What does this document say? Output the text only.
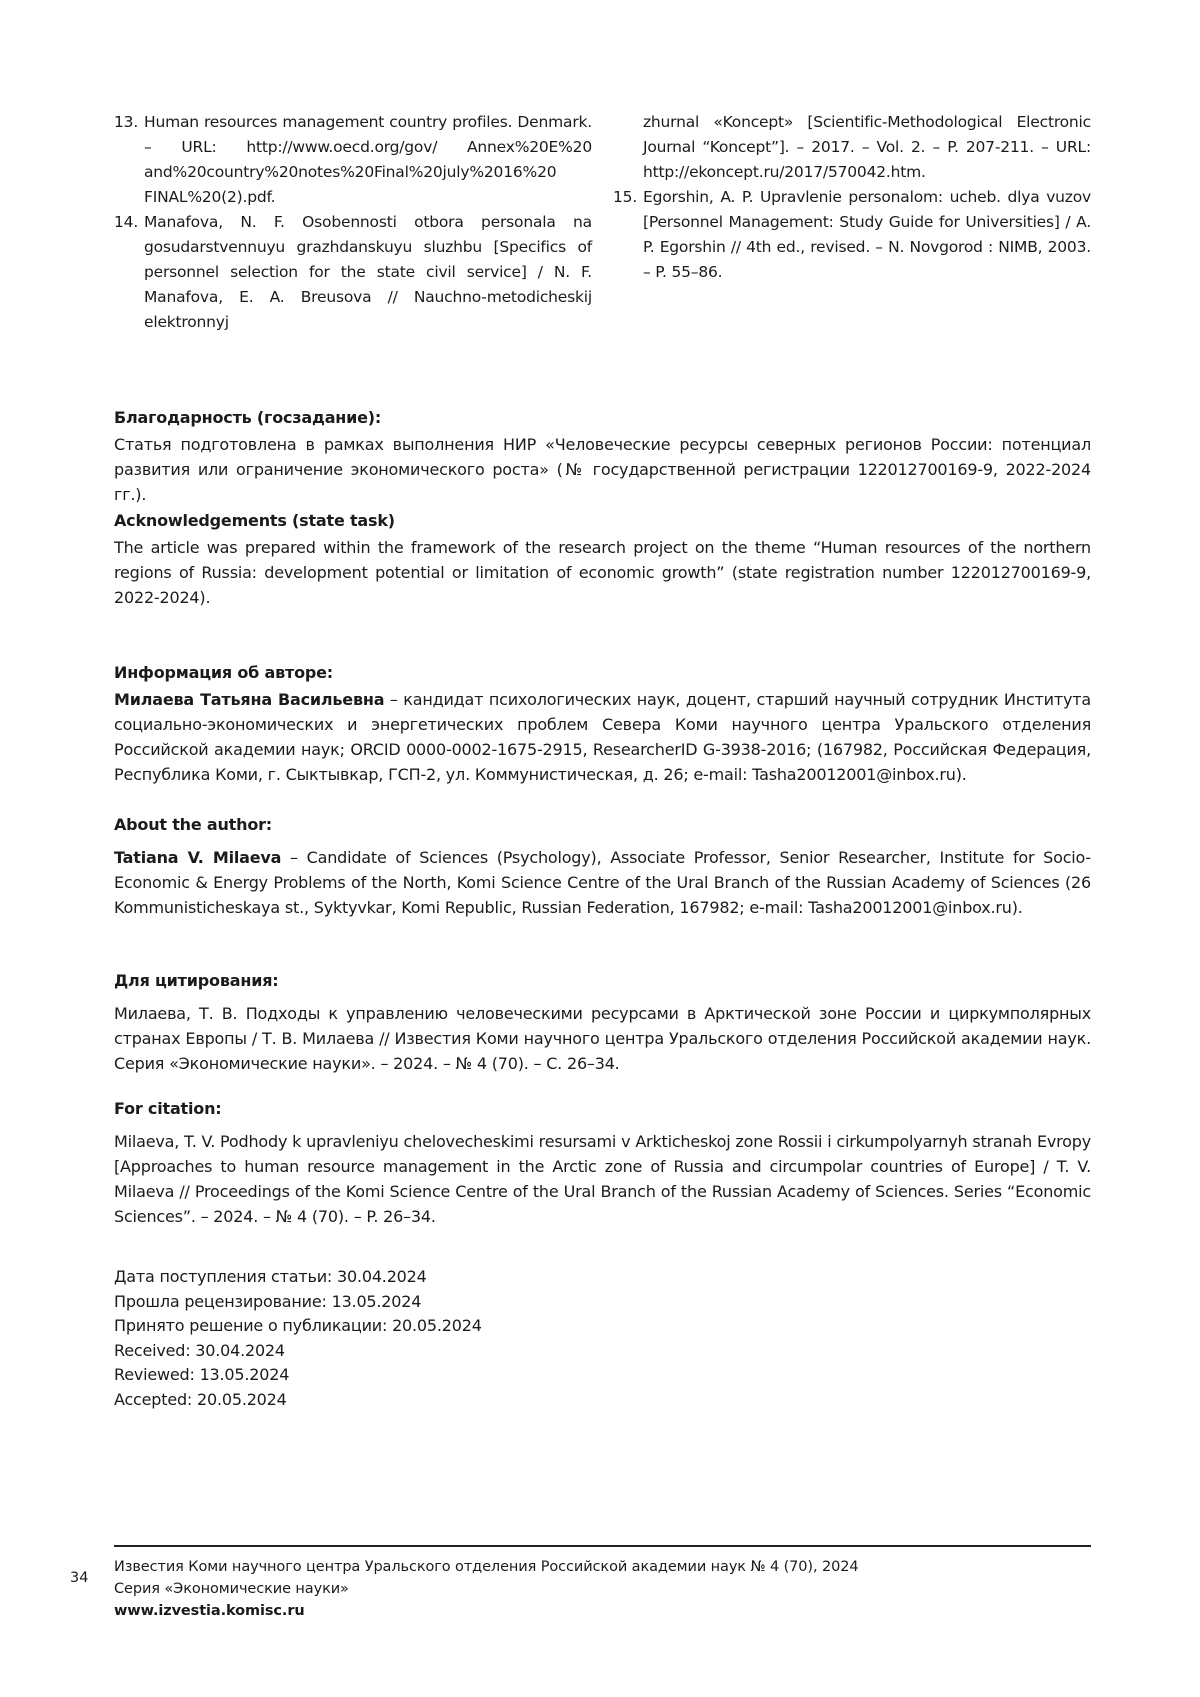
13. Human resources management country profiles. Denmark. – URL: http://www.oecd.org/gov/ Annex%20E%20 and%20country%20notes%20Final%20july%2016%20 FINAL%20(2).pdf.
14. Manafova, N. F. Osobennosti otbora personala na gosudarstvennuyu grazhdanskuyu sluzhbu [Specifics of personnel selection for the state civil service] / N. F. Manafova, E. A. Breusova // Nauchno-metodicheskij elektronnyj
zhurnal «Koncept» [Scientific-Methodological Electronic Journal “Koncept”]. – 2017. – Vol. 2. – P. 207-211. – URL: http://ekoncept.ru/2017/570042.htm.
15. Egorshin, A. P. Upravlenie personalom: ucheb. dlya vuzov [Personnel Management: Study Guide for Universities] / A. P. Egorshin // 4th ed., revised. – N. Novgorod : NIMB, 2003. – P. 55–86.

Благодарность (госзадание):

Статья подготовлена в рамках выполнения НИР «Человеческие ресурсы северных регионов России: потенциал развития или ограничение экономического роста» (№ государственной регистрации 122012700169-9, 2022-2024 гг.).

Acknowledgements (state task)

The article was prepared within the framework of the research project on the theme “Human resources of the northern regions of Russia: development potential or limitation of economic growth” (state registration number 122012700169-9, 2022-2024).

Информация об авторе:

Милаева Татьяна Васильевна – кандидат психологических наук, доцент, старший научный сотрудник Института социально-экономических и энергетических проблем Севера Коми научного центра Уральского отделения Российской академии наук; ORCID 0000-0002-1675-2915, ResearcherID G-3938-2016; (167982, Российская Федерация, Республика Коми, г. Сыктывкар, ГСП-2, ул. Коммунистическая, д. 26; e-mail: Tasha20012001@inbox.ru).

About the author:

Tatiana V. Milaeva – Candidate of Sciences (Psychology), Associate Professor, Senior Researcher, Institute for Socio-Economic & Energy Problems of the North, Komi Science Centre of the Ural Branch of the Russian Academy of Sciences (26 Kommunisticheskaya st., Syktyvkar, Komi Republic, Russian Federation, 167982; e-mail: Tasha20012001@inbox.ru).

Для цитирования:

Милаева, Т. В. Подходы к управлению человеческими ресурсами в Арктической зоне России и циркумполярных странах Европы / Т. В. Милаева // Известия Коми научного центра Уральского отделения Российской академии наук. Серия «Экономические науки». – 2024. – № 4 (70). – С. 26–34.

For citation:

Milaeva, T. V. Podhody k upravleniyu chelovecheskimi resursami v Arkticheskoj zone Rossii i cirkumpolyarnyh stranah Evropy [Approaches to human resource management in the Arctic zone of Russia and circumpolar countries of Europe] / T. V. Milaeva // Proceedings of the Komi Science Centre of the Ural Branch of the Russian Academy of Sciences. Series “Economic Sciences”. – 2024. – № 4 (70). – P. 26–34.

Дата поступления статьи: 30.04.2024
Прошла рецензирование: 13.05.2024
Принято решение о публикации: 20.05.2024
Received: 30.04.2024
Reviewed: 13.05.2024
Accepted: 20.05.2024
34
Известия Коми научного центра Уральского отделения Российской академии наук № 4 (70), 2024
Серия «Экономические науки»
www.izvestia.komisc.ru
